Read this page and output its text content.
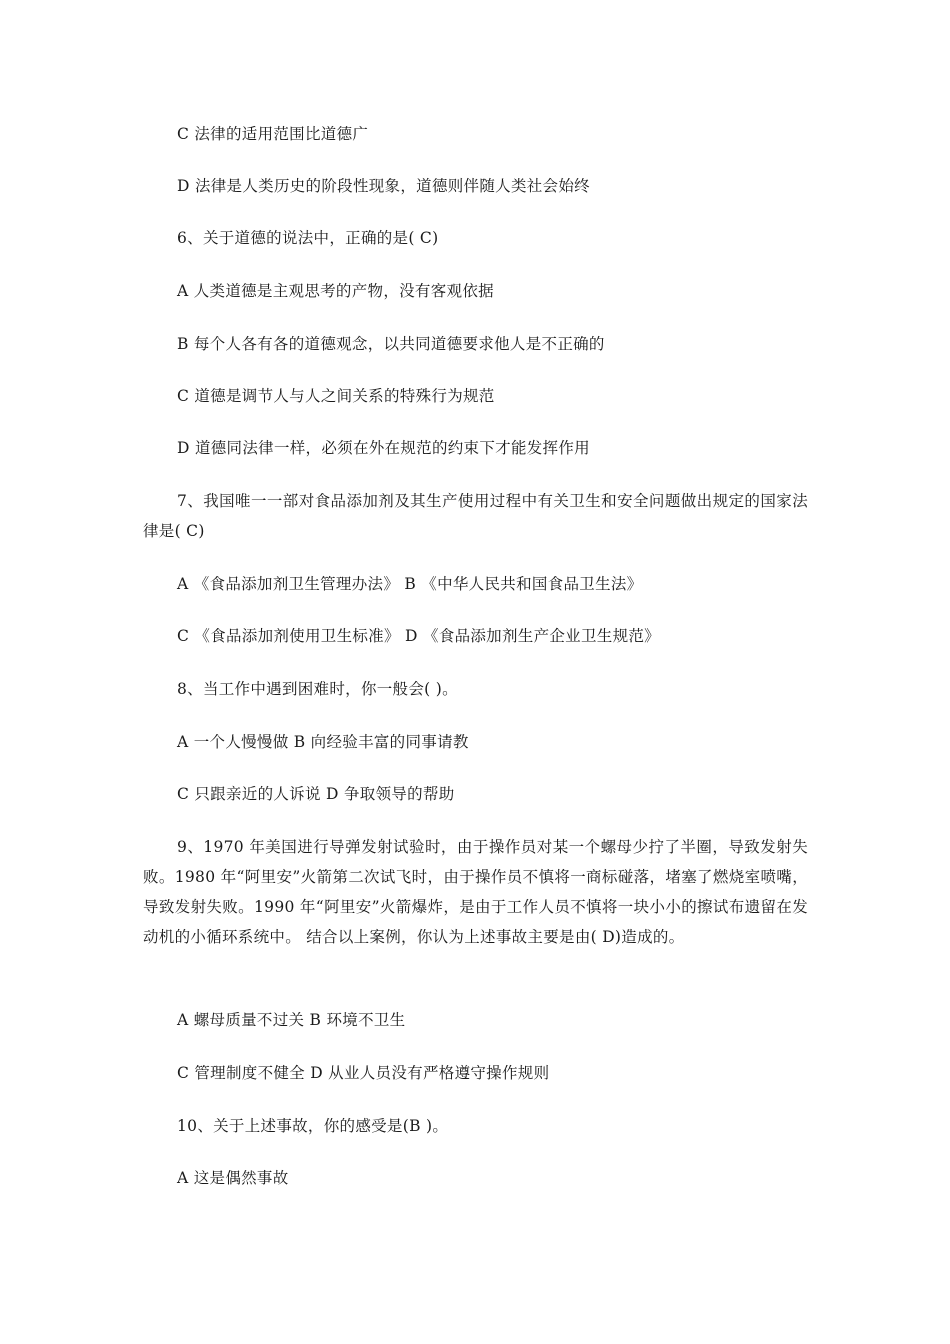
C 法律的适用范围比道德广
D 法律是人类历史的阶段性现象，道德则伴随人类社会始终
6、关于道德的说法中，正确的是( C)
A 人类道德是主观思考的产物，没有客观依据
B 每个人各有各的道德观念，以共同道德要求他人是不正确的
C 道德是调节人与人之间关系的特殊行为规范
D 道德同法律一样，必须在外在规范的约束下才能发挥作用
7、我国唯一一部对食品添加剂及其生产使用过程中有关卫生和安全问题做出规定的国家法律是( C)
A 《食品添加剂卫生管理办法》 B 《中华人民共和国食品卫生法》
C 《食品添加剂使用卫生标准》 D 《食品添加剂生产企业卫生规范》
8、当工作中遇到困难时，你一般会( )。
A 一个人慢慢做 B 向经验丰富的同事请教
C 只跟亲近的人诉说 D 争取领导的帮助
9、1970 年美国进行导弹发射试验时，由于操作员对某一个螺母少拧了半圈，导致发射失败。1980 年“阿里安”火箭第二次试飞时，由于操作员不慎将一商标碰落，堵塞了燃烧室喷嘴，导致发射失败。1990 年“阿里安”火箭爆炸，是由于工作人员不慎将一块小小的擦试布遗留在发动机的小循环系统中。 结合以上案例，你认为上述事故主要是由( D)造成的。
A 螺母质量不过关 B 环境不卫生
C 管理制度不健全 D 从业人员没有严格遵守操作规则
10、关于上述事故，你的感受是(B )。
A 这是偶然事故
